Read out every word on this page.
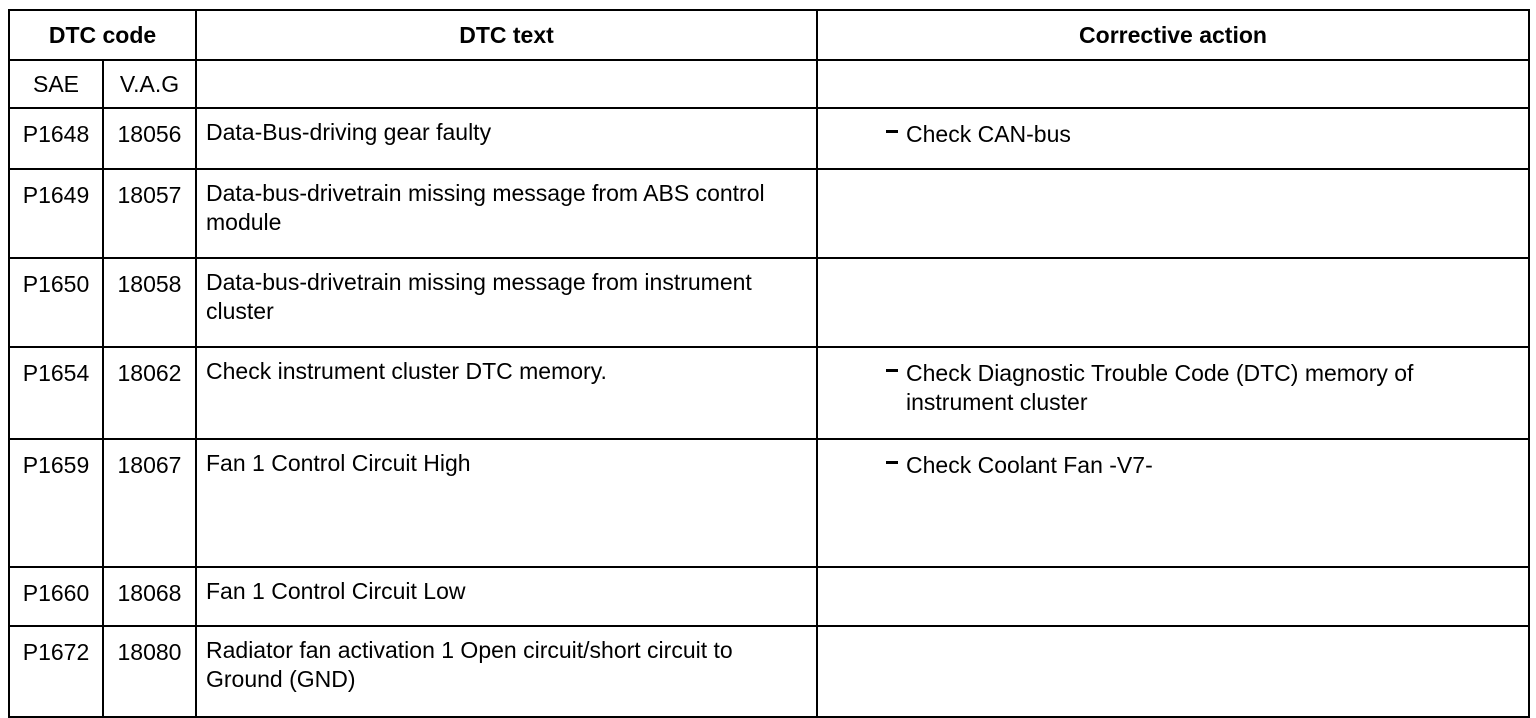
DTC code		DTC text	Corrective action
SAE	V.A.G		
P1648	18056	Data-Bus-driving gear faulty	Check CAN-bus

P1649	18057	Data-bus-drivetrain missing message from ABS control module	
P1650	18058	Data-bus-drivetrain missing message from instrument cluster	
P1654	18062	Check instrument cluster DTC memory.	Check Diagnostic Trouble Code (DTC) memory of instrument cluster

P1659	18067	Fan 1 Control Circuit High	Check Coolant Fan -V7-

P1660	18068	Fan 1 Control Circuit Low	
P1672	18080	Radiator fan activation 1 Open circuit/short circuit to Ground (GND)	
